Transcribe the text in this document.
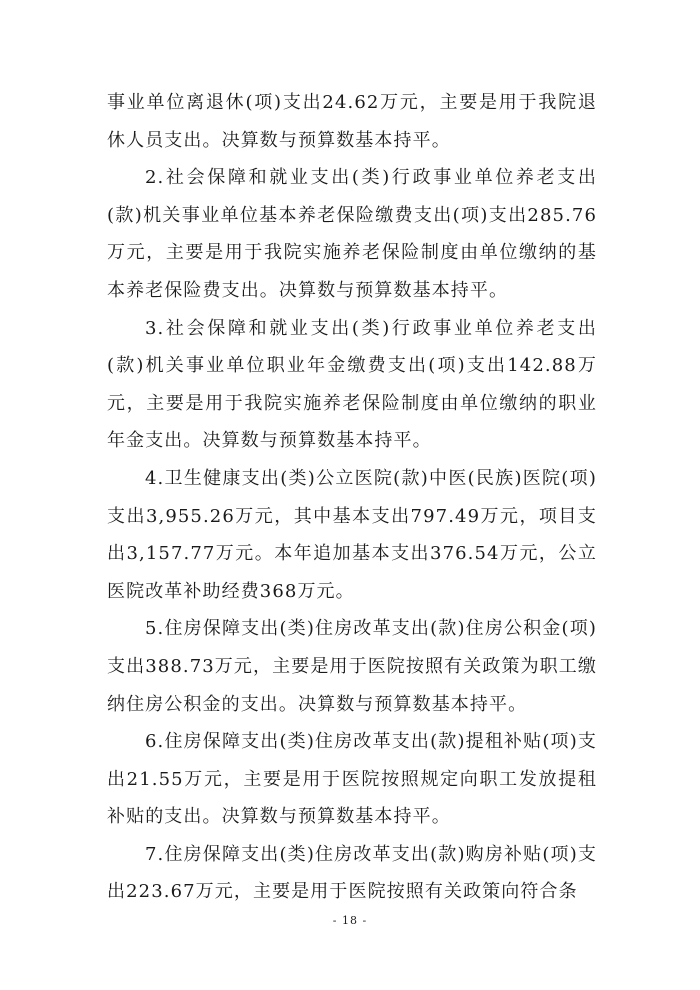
事业单位离退休(项)支出24.62万元，主要是用于我院退休人员支出。决算数与预算数基本持平。

2.社会保障和就业支出(类)行政事业单位养老支出(款)机关事业单位基本养老保险缴费支出(项)支出285.76万元，主要是用于我院实施养老保险制度由单位缴纳的基本养老保险费支出。决算数与预算数基本持平。

3.社会保障和就业支出(类)行政事业单位养老支出(款)机关事业单位职业年金缴费支出(项)支出142.88万元，主要是用于我院实施养老保险制度由单位缴纳的职业年金支出。决算数与预算数基本持平。

4.卫生健康支出(类)公立医院(款)中医(民族)医院(项)支出3,955.26万元，其中基本支出797.49万元，项目支出3,157.77万元。本年追加基本支出376.54万元，公立医院改革补助经费368万元。

5.住房保障支出(类)住房改革支出(款)住房公积金(项)支出388.73万元，主要是用于医院按照有关政策为职工缴纳住房公积金的支出。决算数与预算数基本持平。

6.住房保障支出(类)住房改革支出(款)提租补贴(项)支出21.55万元，主要是用于医院按照规定向职工发放提租补贴的支出。决算数与预算数基本持平。

7.住房保障支出(类)住房改革支出(款)购房补贴(项)支出223.67万元，主要是用于医院按照有关政策向符合条

- 18 -
